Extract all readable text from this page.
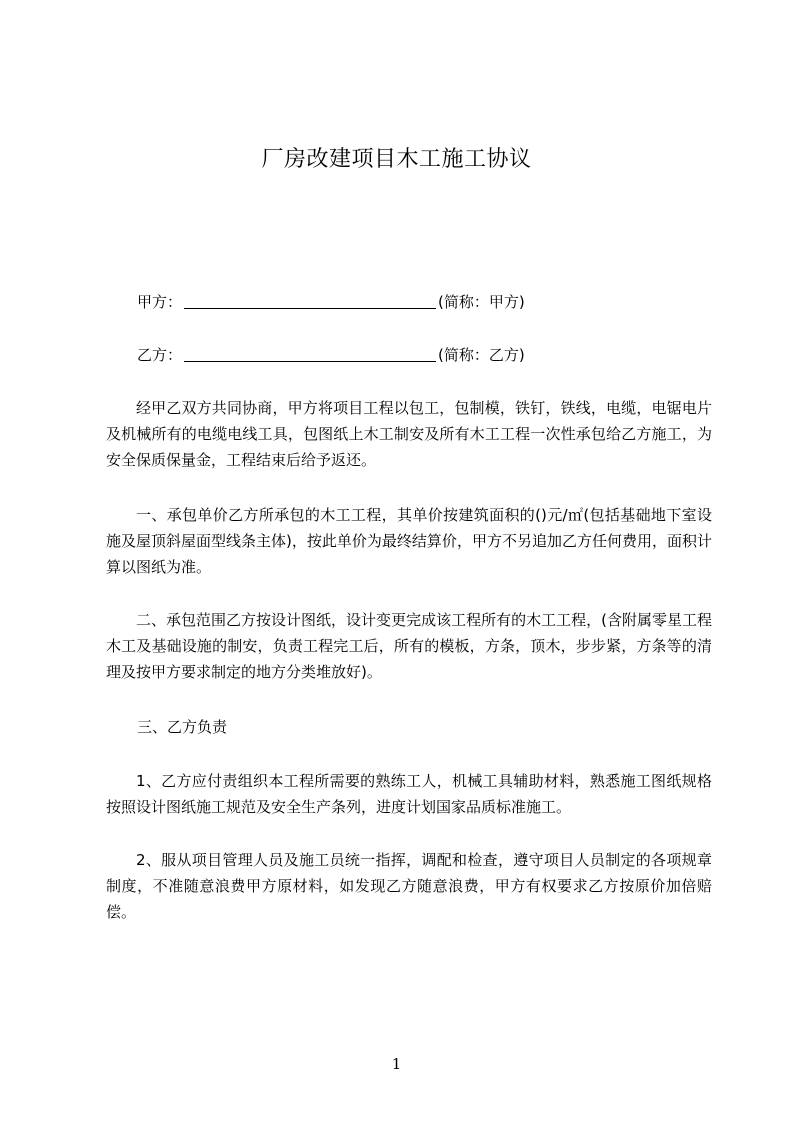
厂房改建项目木工施工协议
甲方：	(简称：甲方)
乙方：	(简称：乙方)

经甲乙双方共同协商，甲方将项目工程以包工，包制模，铁钉，铁线，电缆，电锯电片及机械所有的电缆电线工具，包图纸上木工制安及所有木工工程一次性承包给乙方施工，为安全保质保量金，工程结束后给予返还。

一、承包单价乙方所承包的木工工程，其单价按建筑面积的()元/㎡(包括基础地下室设施及屋顶斜屋面型线条主体)，按此单价为最终结算价，甲方不另追加乙方任何费用，面积计算以图纸为准。

二、承包范围乙方按设计图纸，设计变更完成该工程所有的木工工程，(含附属零星工程木工及基础设施的制安，负责工程完工后，所有的模板，方条，顶木，步步紧，方条等的清理及按甲方要求制定的地方分类堆放好)。

三、乙方负责

1、乙方应付责组织本工程所需要的熟练工人，机械工具辅助材料，熟悉施工图纸规格按照设计图纸施工规范及安全生产条列，进度计划国家品质标准施工。

2、服从项目管理人员及施工员统一指挥，调配和检查，遵守项目人员制定的各项规章制度，不准随意浪费甲方原材料，如发现乙方随意浪费，甲方有权要求乙方按原价加倍赔偿。

1
